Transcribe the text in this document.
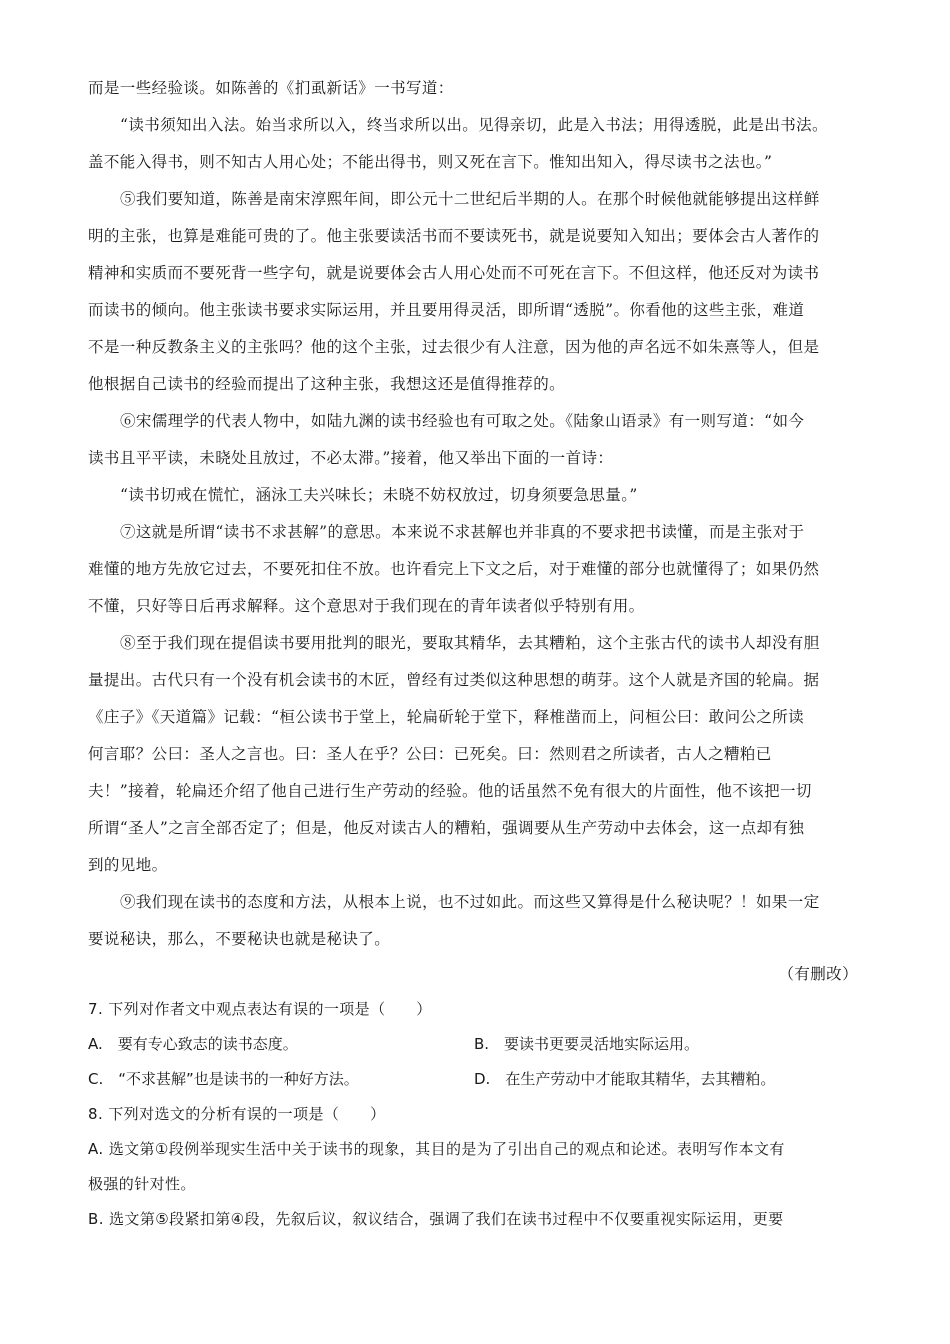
而是一些经验谈。如陈善的《扪虱新话》一书写道：
“读书须知出入法。始当求所以入，终当求所以出。见得亲切，此是入书法；用得透脱，此是出书法。
盖不能入得书，则不知古人用心处；不能出得书，则又死在言下。惟知出知入，得尽读书之法也。”
⑤我们要知道，陈善是南宋淳熙年间，即公元十二世纪后半期的人。在那个时候他就能够提出这样鲜
明的主张，也算是难能可贵的了。他主张要读活书而不要读死书，就是说要知入知出；要体会古人著作的
精神和实质而不要死背一些字句，就是说要体会古人用心处而不可死在言下。不但这样，他还反对为读书
而读书的倾向。他主张读书要求实际运用，并且要用得灵活，即所谓“透脱”。你看他的这些主张，难道
不是一种反教条主义的主张吗？他的这个主张，过去很少有人注意，因为他的声名远不如朱熹等人，但是
他根据自己读书的经验而提出了这种主张，我想这还是值得推荐的。
⑥宋儒理学的代表人物中，如陆九渊的读书经验也有可取之处。《陆象山语录》有一则写道：“如今
读书且平平读，未晓处且放过，不必太滞。”接着，他又举出下面的一首诗：
“读书切戒在慌忙，涵泳工夫兴味长；未晓不妨权放过，切身须要急思量。”
⑦这就是所谓“读书不求甚解”的意思。本来说不求甚解也并非真的不要求把书读懂，而是主张对于
难懂的地方先放它过去，不要死扣住不放。也许看完上下文之后，对于难懂的部分也就懂得了；如果仍然
不懂，只好等日后再求解释。这个意思对于我们现在的青年读者似乎特别有用。
⑧至于我们现在提倡读书要用批判的眼光，要取其精华，去其糟粕，这个主张古代的读书人却没有胆
量提出。古代只有一个没有机会读书的木匠，曾经有过类似这种思想的萌芽。这个人就是齐国的轮扁。据
《庄子》《天道篇》记载：“桓公读书于堂上，轮扁斫轮于堂下，释椎凿而上，问桓公曰：敢问公之所读
何言耶？公曰：圣人之言也。曰：圣人在乎？公曰：已死矣。曰：然则君之所读者，古人之糟粕已
夫！”接着，轮扁还介绍了他自己进行生产劳动的经验。他的话虽然不免有很大的片面性，他不该把一切
所谓“圣人”之言全部否定了；但是，他反对读古人的糟粕，强调要从生产劳动中去体会，这一点却有独
到的见地。
⑨我们现在读书的态度和方法，从根本上说，也不过如此。而这些又算得是什么秘诀呢？！如果一定
要说秘诀，那么，不要秘诀也就是秘诀了。
（有删改）
7. 下列对作者文中观点表达有误的一项是（　　）
A.　要有专心致志的读书态度。	B.　要读书更要灵活地实际运用。
C.　“不求甚解”也是读书的一种好方法。	D.　在生产劳动中才能取其精华，去其糟粕。
8. 下列对选文的分析有误的一项是（　　）
A. 选文第①段例举现实生活中关于读书的现象，其目的是为了引出自己的观点和论述。表明写作本文有
极强的针对性。
B. 选文第⑤段紧扣第④段，先叙后议，叙议结合，强调了我们在读书过程中不仅要重视实际运用，更要
